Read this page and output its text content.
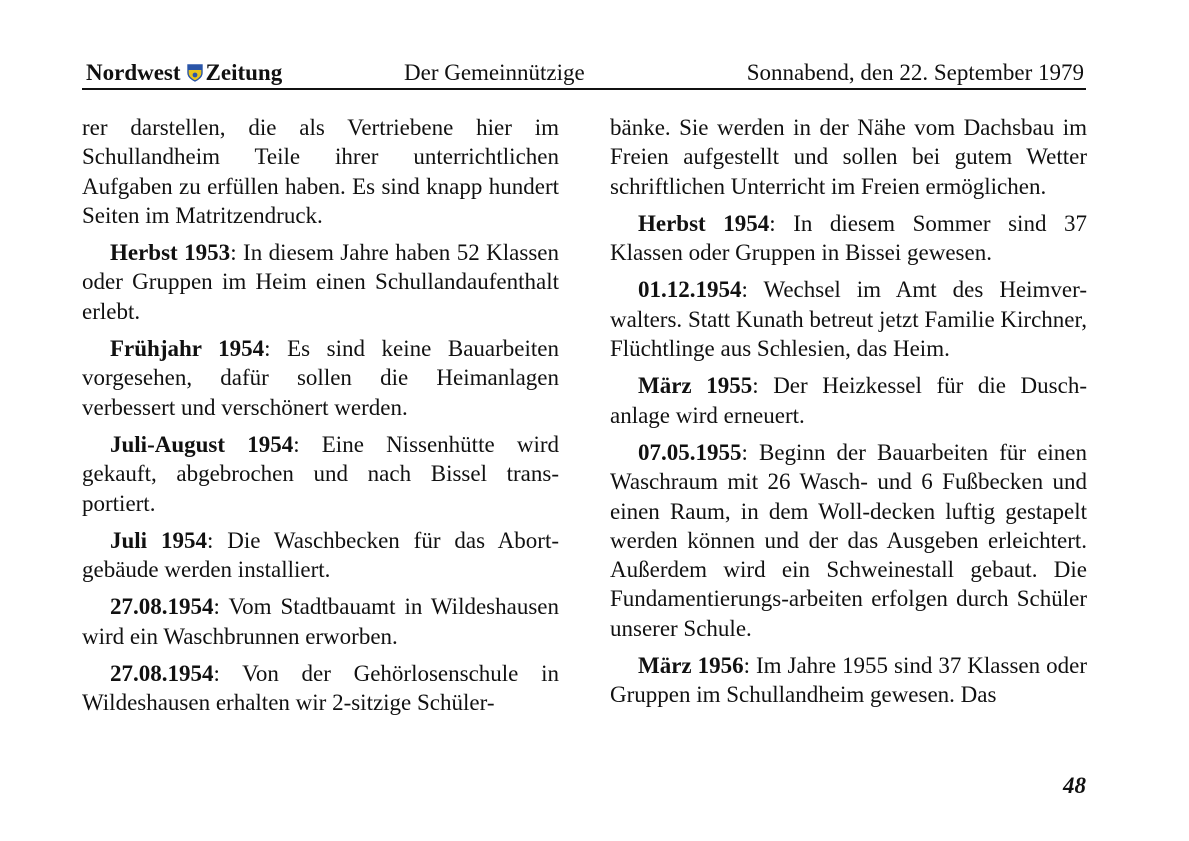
Nordwest Zeitung	Der Gemeinnützige	Sonnabend, den 22. September 1979

rer darstellen, die als Vertriebene hier im Schullandheim Teile ihrer unterrichtlichen Aufgaben zu erfüllen haben. Es sind knapp hundert Seiten im Matritzendruck.

Herbst 1953: In diesem Jahre haben 52 Klassen oder Gruppen im Heim einen Schullandaufenthalt erlebt.

Frühjahr 1954: Es sind keine Bauarbeiten vorgesehen, dafür sollen die Heimanlagen verbessert und verschönert werden.

Juli-August 1954: Eine Nissenhütte wird gekauft, abgebrochen und nach Bissel trans-portiert.

Juli 1954: Die Waschbecken für das Abort-gebäude werden installiert.

27.08.1954: Vom Stadtbauamt in Wildeshausen wird ein Waschbrunnen erworben.

27.08.1954: Von der Gehörlosenschule in Wildeshausen erhalten wir 2-sitzige Schüler-

bänke. Sie werden in der Nähe vom Dachsbau im Freien aufgestellt und sollen bei gutem Wetter schriftlichen Unterricht im Freien ermöglichen.

Herbst 1954: In diesem Sommer sind 37 Klassen oder Gruppen in Bissei gewesen.

01.12.1954: Wechsel im Amt des Heimver-walters. Statt Kunath betreut jetzt Familie Kirchner, Flüchtlinge aus Schlesien, das Heim.

März 1955: Der Heizkessel für die Dusch-anlage wird erneuert.

07.05.1955: Beginn der Bauarbeiten für einen Waschraum mit 26 Wasch- und 6 Fußbecken und einen Raum, in dem Woll-decken luftig gestapelt werden können und der das Ausgeben erleichtert. Außerdem wird ein Schweinestall gebaut. Die Fundamentierungs-arbeiten erfolgen durch Schüler unserer Schule.

März 1956: Im Jahre 1955 sind 37 Klassen oder Gruppen im Schullandheim gewesen. Das

48
